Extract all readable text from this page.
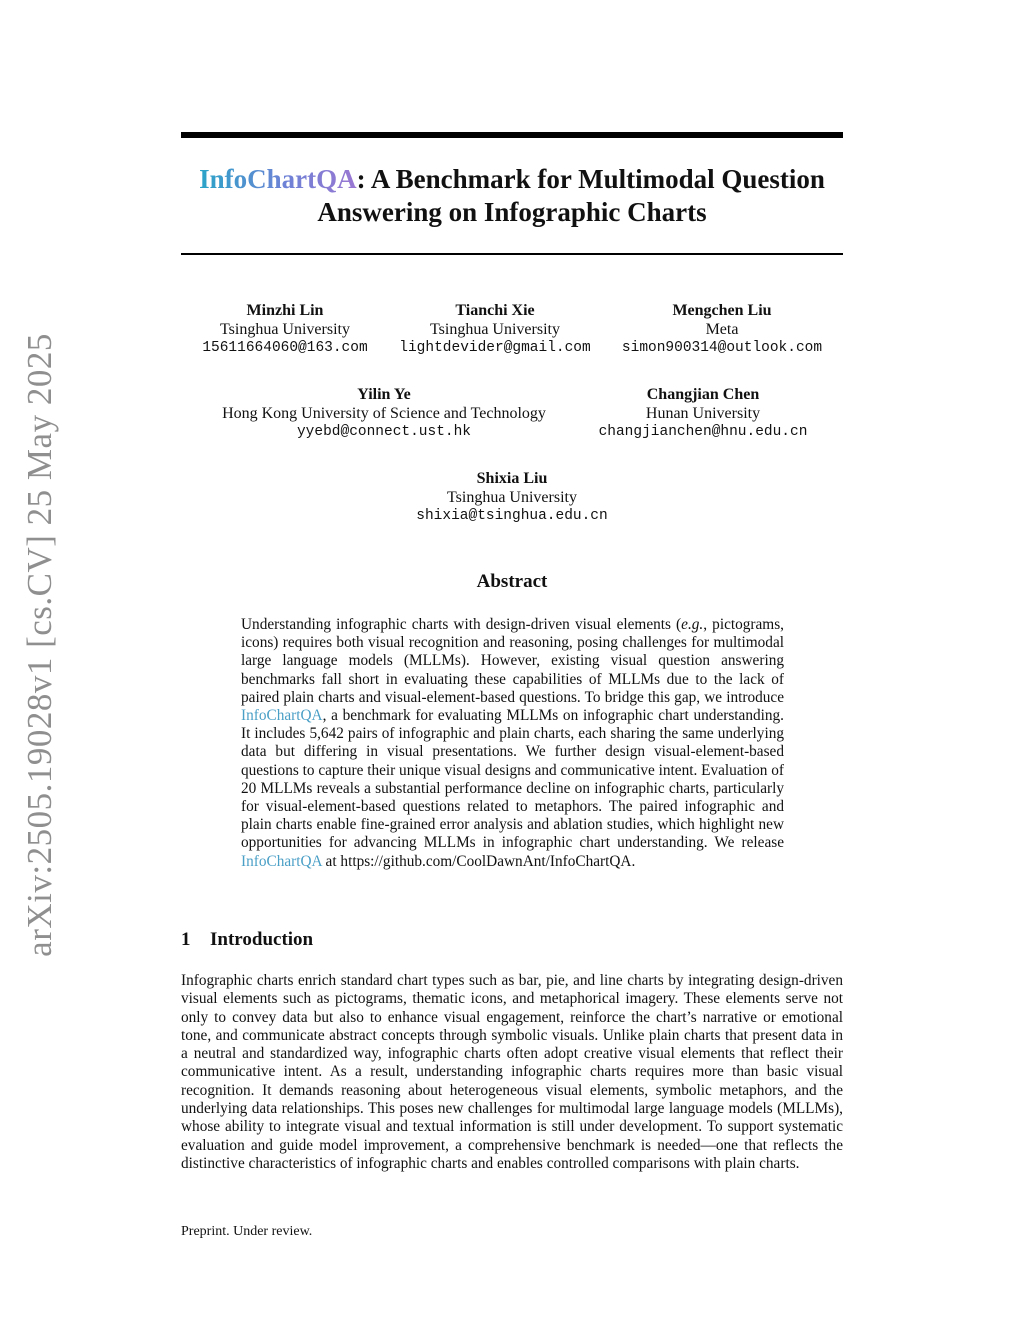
arXiv:2505.19028v1 [cs.CV] 25 May 2025
InfoChartQA: A Benchmark for Multimodal Question
Answering on Infographic Charts
Minzhi Lin
Tsinghua University
15611664060@163.com
Tianchi Xie
Tsinghua University
lightdevider@gmail.com
Mengchen Liu
Meta
simon900314@outlook.com
Yilin Ye
Hong Kong University of Science and Technology
yyebd@connect.ust.hk
Changjian Chen
Hunan University
changjianchen@hnu.edu.cn
Shixia Liu
Tsinghua University
shixia@tsinghua.edu.cn
Abstract

Understanding infographic charts with design-driven visual elements (e.g., pictograms, icons) requires both visual recognition and reasoning, posing challenges for multimodal large language models (MLLMs). However, existing visual question answering benchmarks fall short in evaluating these capabilities of MLLMs due to the lack of paired plain charts and visual-element-based questions. To bridge this gap, we introduce InfoChartQA, a benchmark for evaluating MLLMs on infographic chart understanding. It includes 5,642 pairs of infographic and plain charts, each sharing the same underlying data but differing in visual presentations. We further design visual-element-based questions to capture their unique visual designs and communicative intent. Evaluation of 20 MLLMs reveals a substantial performance decline on infographic charts, particularly for visual-element-based questions related to metaphors. The paired infographic and plain charts enable fine-grained error analysis and ablation studies, which highlight new opportunities for advancing MLLMs in infographic chart understanding. We release InfoChartQA at https://github.com/CoolDawnAnt/InfoChartQA.

1 Introduction

Infographic charts enrich standard chart types such as bar, pie, and line charts by integrating design-driven visual elements such as pictograms, thematic icons, and metaphorical imagery. These elements serve not only to convey data but also to enhance visual engagement, reinforce the chart’s narrative or emotional tone, and communicate abstract concepts through symbolic visuals. Unlike plain charts that present data in a neutral and standardized way, infographic charts often adopt creative visual elements that reflect their communicative intent. As a result, understanding infographic charts requires more than basic visual recognition. It demands reasoning about heterogeneous visual elements, symbolic metaphors, and the underlying data relationships. This poses new challenges for multimodal large language models (MLLMs), whose ability to integrate visual and textual information is still under development. To support systematic evaluation and guide model improvement, a comprehensive benchmark is needed—one that reflects the distinctive characteristics of infographic charts and enables controlled comparisons with plain charts.

Preprint. Under review.
